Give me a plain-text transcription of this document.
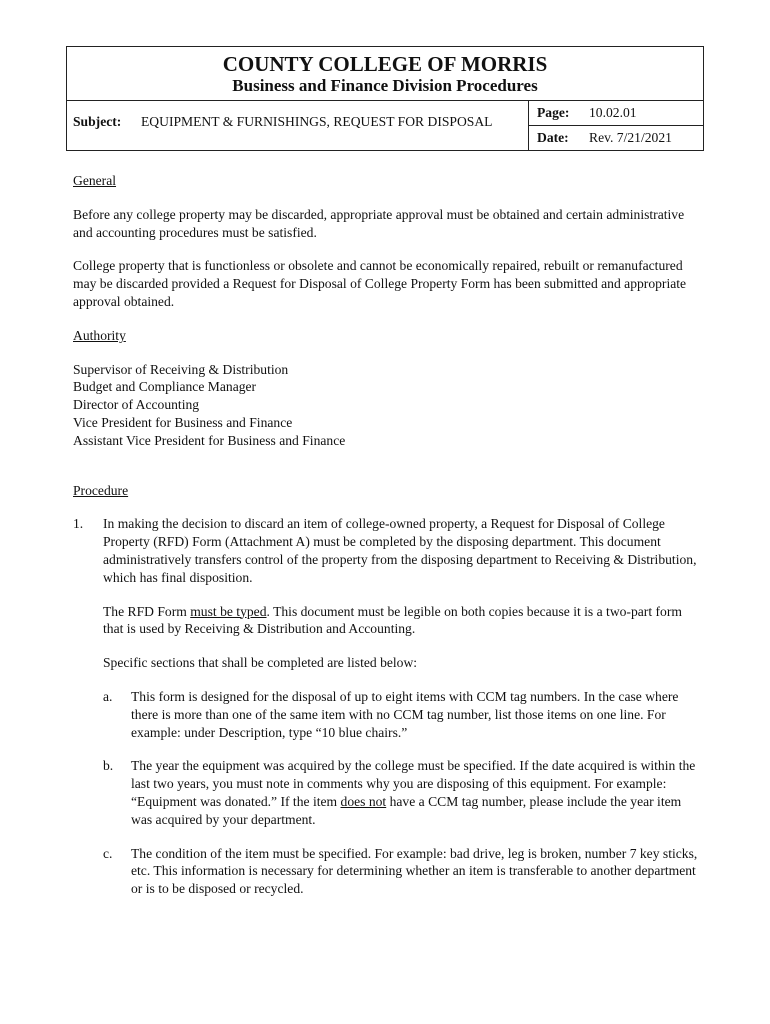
COUNTY COLLEGE OF MORRIS
Business and Finance Division Procedures
Subject: EQUIPMENT & FURNISHINGS, REQUEST FOR DISPOSAL
Page: 10.02.01
Date: Rev. 7/21/2021

General

Before any college property may be discarded, appropriate approval must be obtained and certain administrative and accounting procedures must be satisfied.

College property that is functionless or obsolete and cannot be economically repaired, rebuilt or remanufactured may be discarded provided a Request for Disposal of College Property Form has been submitted and appropriate approval obtained.

Authority

Supervisor of Receiving & Distribution
Budget and Compliance Manager
Director of Accounting
Vice President for Business and Finance
Assistant Vice President for Business and Finance

Procedure

1.	In making the decision to discard an item of college-owned property, a Request for Disposal of College Property (RFD) Form (Attachment A) must be completed by the disposing department. This document administratively transfers control of the property from the disposing department to Receiving & Distribution, which has final disposition.

The RFD Form must be typed. This document must be legible on both copies because it is a two-part form that is used by Receiving & Distribution and Accounting.

Specific sections that shall be completed are listed below:

a.	This form is designed for the disposal of up to eight items with CCM tag numbers. In the case where there is more than one of the same item with no CCM tag number, list those items on one line. For example: under Description, type “10 blue chairs.”
b.	The year the equipment was acquired by the college must be specified. If the date acquired is within the last two years, you must note in comments why you are disposing of this equipment. For example: “Equipment was donated.” If the item does not have a CCM tag number, please include the year item was acquired by your department.
c.	The condition of the item must be specified. For example: bad drive, leg is broken, number 7 key sticks, etc. This information is necessary for determining whether an item is transferable to another department or is to be disposed or recycled.
